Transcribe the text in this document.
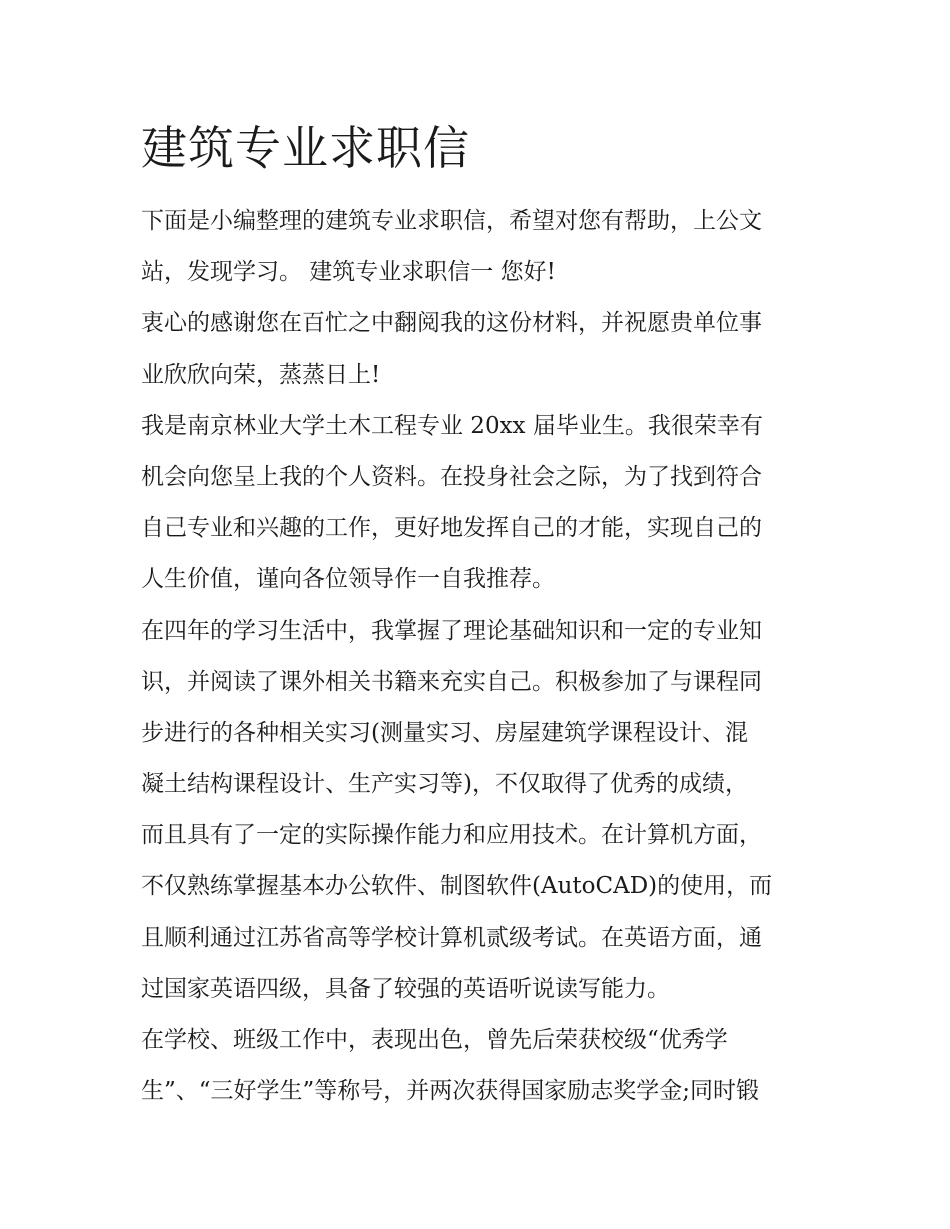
建筑专业求职信
下面是小编整理的建筑专业求职信，希望对您有帮助，上公文
站，发现学习。 建筑专业求职信一 您好!
衷心的感谢您在百忙之中翻阅我的这份材料，并祝愿贵单位事
业欣欣向荣，蒸蒸日上!
我是南京林业大学土木工程专业 20xx 届毕业生。我很荣幸有
机会向您呈上我的个人资料。在投身社会之际，为了找到符合
自己专业和兴趣的工作，更好地发挥自己的才能，实现自己的
人生价值，谨向各位领导作一自我推荐。
在四年的学习生活中，我掌握了理论基础知识和一定的专业知
识，并阅读了课外相关书籍来充实自己。积极参加了与课程同
步进行的各种相关实习(测量实习、房屋建筑学课程设计、混
凝土结构课程设计、生产实习等)，不仅取得了优秀的成绩，
而且具有了一定的实际操作能力和应用技术。在计算机方面，
不仅熟练掌握基本办公软件、制图软件(AutoCAD)的使用，而
且顺利通过江苏省高等学校计算机贰级考试。在英语方面，通
过国家英语四级，具备了较强的英语听说读写能力。
在学校、班级工作中，表现出色，曾先后荣获校级“优秀学
生”、“三好学生”等称号，并两次获得国家励志奖学金;同时锻
